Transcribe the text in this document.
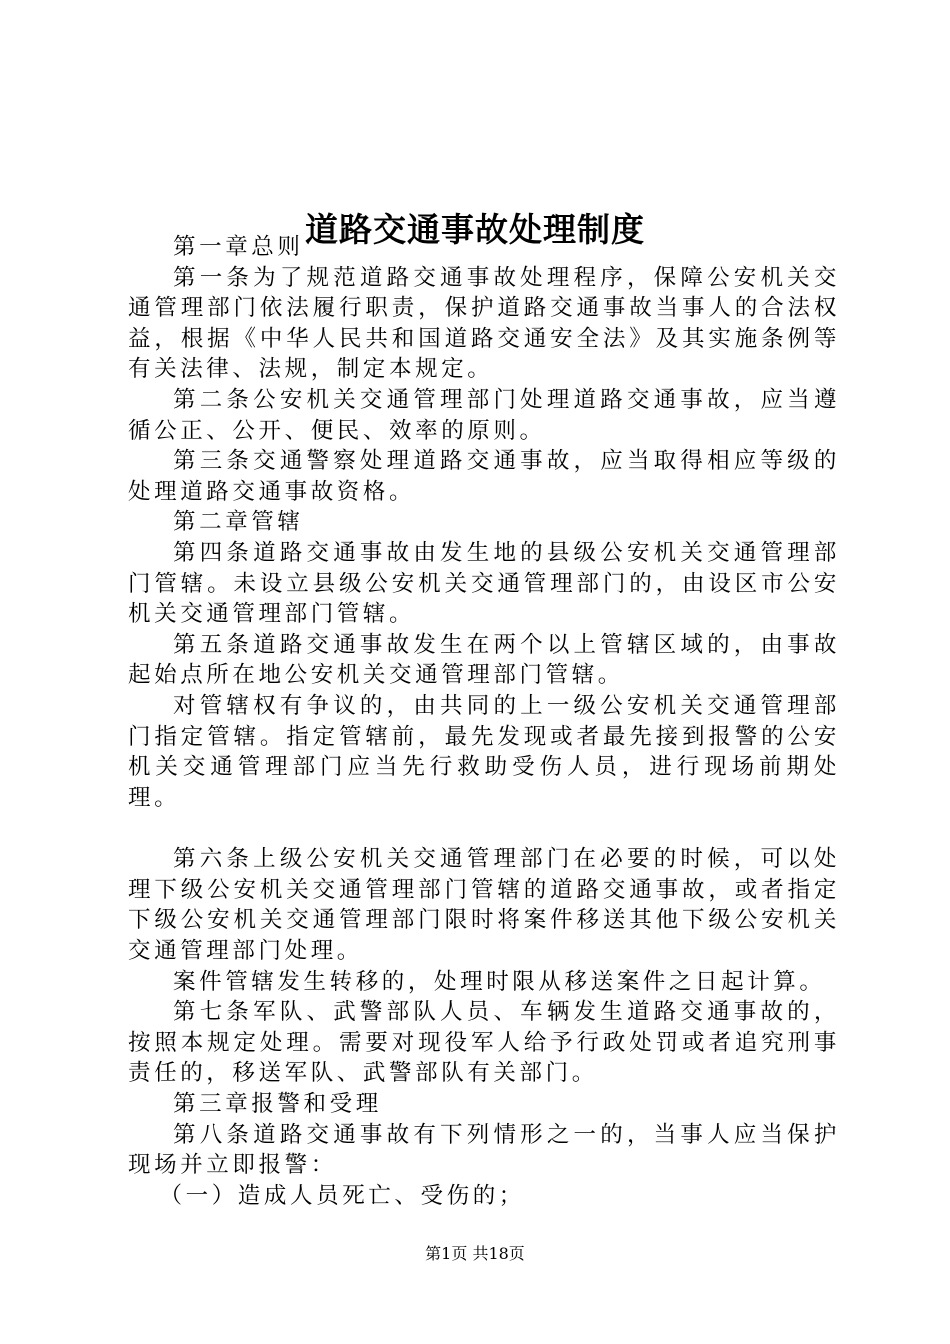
道路交通事故处理制度

第一章总则

第一条为了规范道路交通事故处理程序，保障公安机关交通管理部门依法履行职责，保护道路交通事故当事人的合法权益，根据《中华人民共和国道路交通安全法》及其实施条例等有关法律、法规，制定本规定。

第二条公安机关交通管理部门处理道路交通事故，应当遵循公正、公开、便民、效率的原则。

第三条交通警察处理道路交通事故，应当取得相应等级的处理道路交通事故资格。

第二章管辖

第四条道路交通事故由发生地的县级公安机关交通管理部门管辖。未设立县级公安机关交通管理部门的，由设区市公安机关交通管理部门管辖。

第五条道路交通事故发生在两个以上管辖区域的，由事故起始点所在地公安机关交通管理部门管辖。

对管辖权有争议的，由共同的上一级公安机关交通管理部门指定管辖。指定管辖前，最先发现或者最先接到报警的公安机关交通管理部门应当先行救助受伤人员，进行现场前期处理。

第六条上级公安机关交通管理部门在必要的时候，可以处理下级公安机关交通管理部门管辖的道路交通事故，或者指定下级公安机关交通管理部门限时将案件移送其他下级公安机关交通管理部门处理。

案件管辖发生转移的，处理时限从移送案件之日起计算。

第七条军队、武警部队人员、车辆发生道路交通事故的，按照本规定处理。需要对现役军人给予行政处罚或者追究刑事责任的，移送军队、武警部队有关部门。

第三章报警和受理

第八条道路交通事故有下列情形之一的，当事人应当保护现场并立即报警：

（一）造成人员死亡、受伤的；

第1页 共18页
